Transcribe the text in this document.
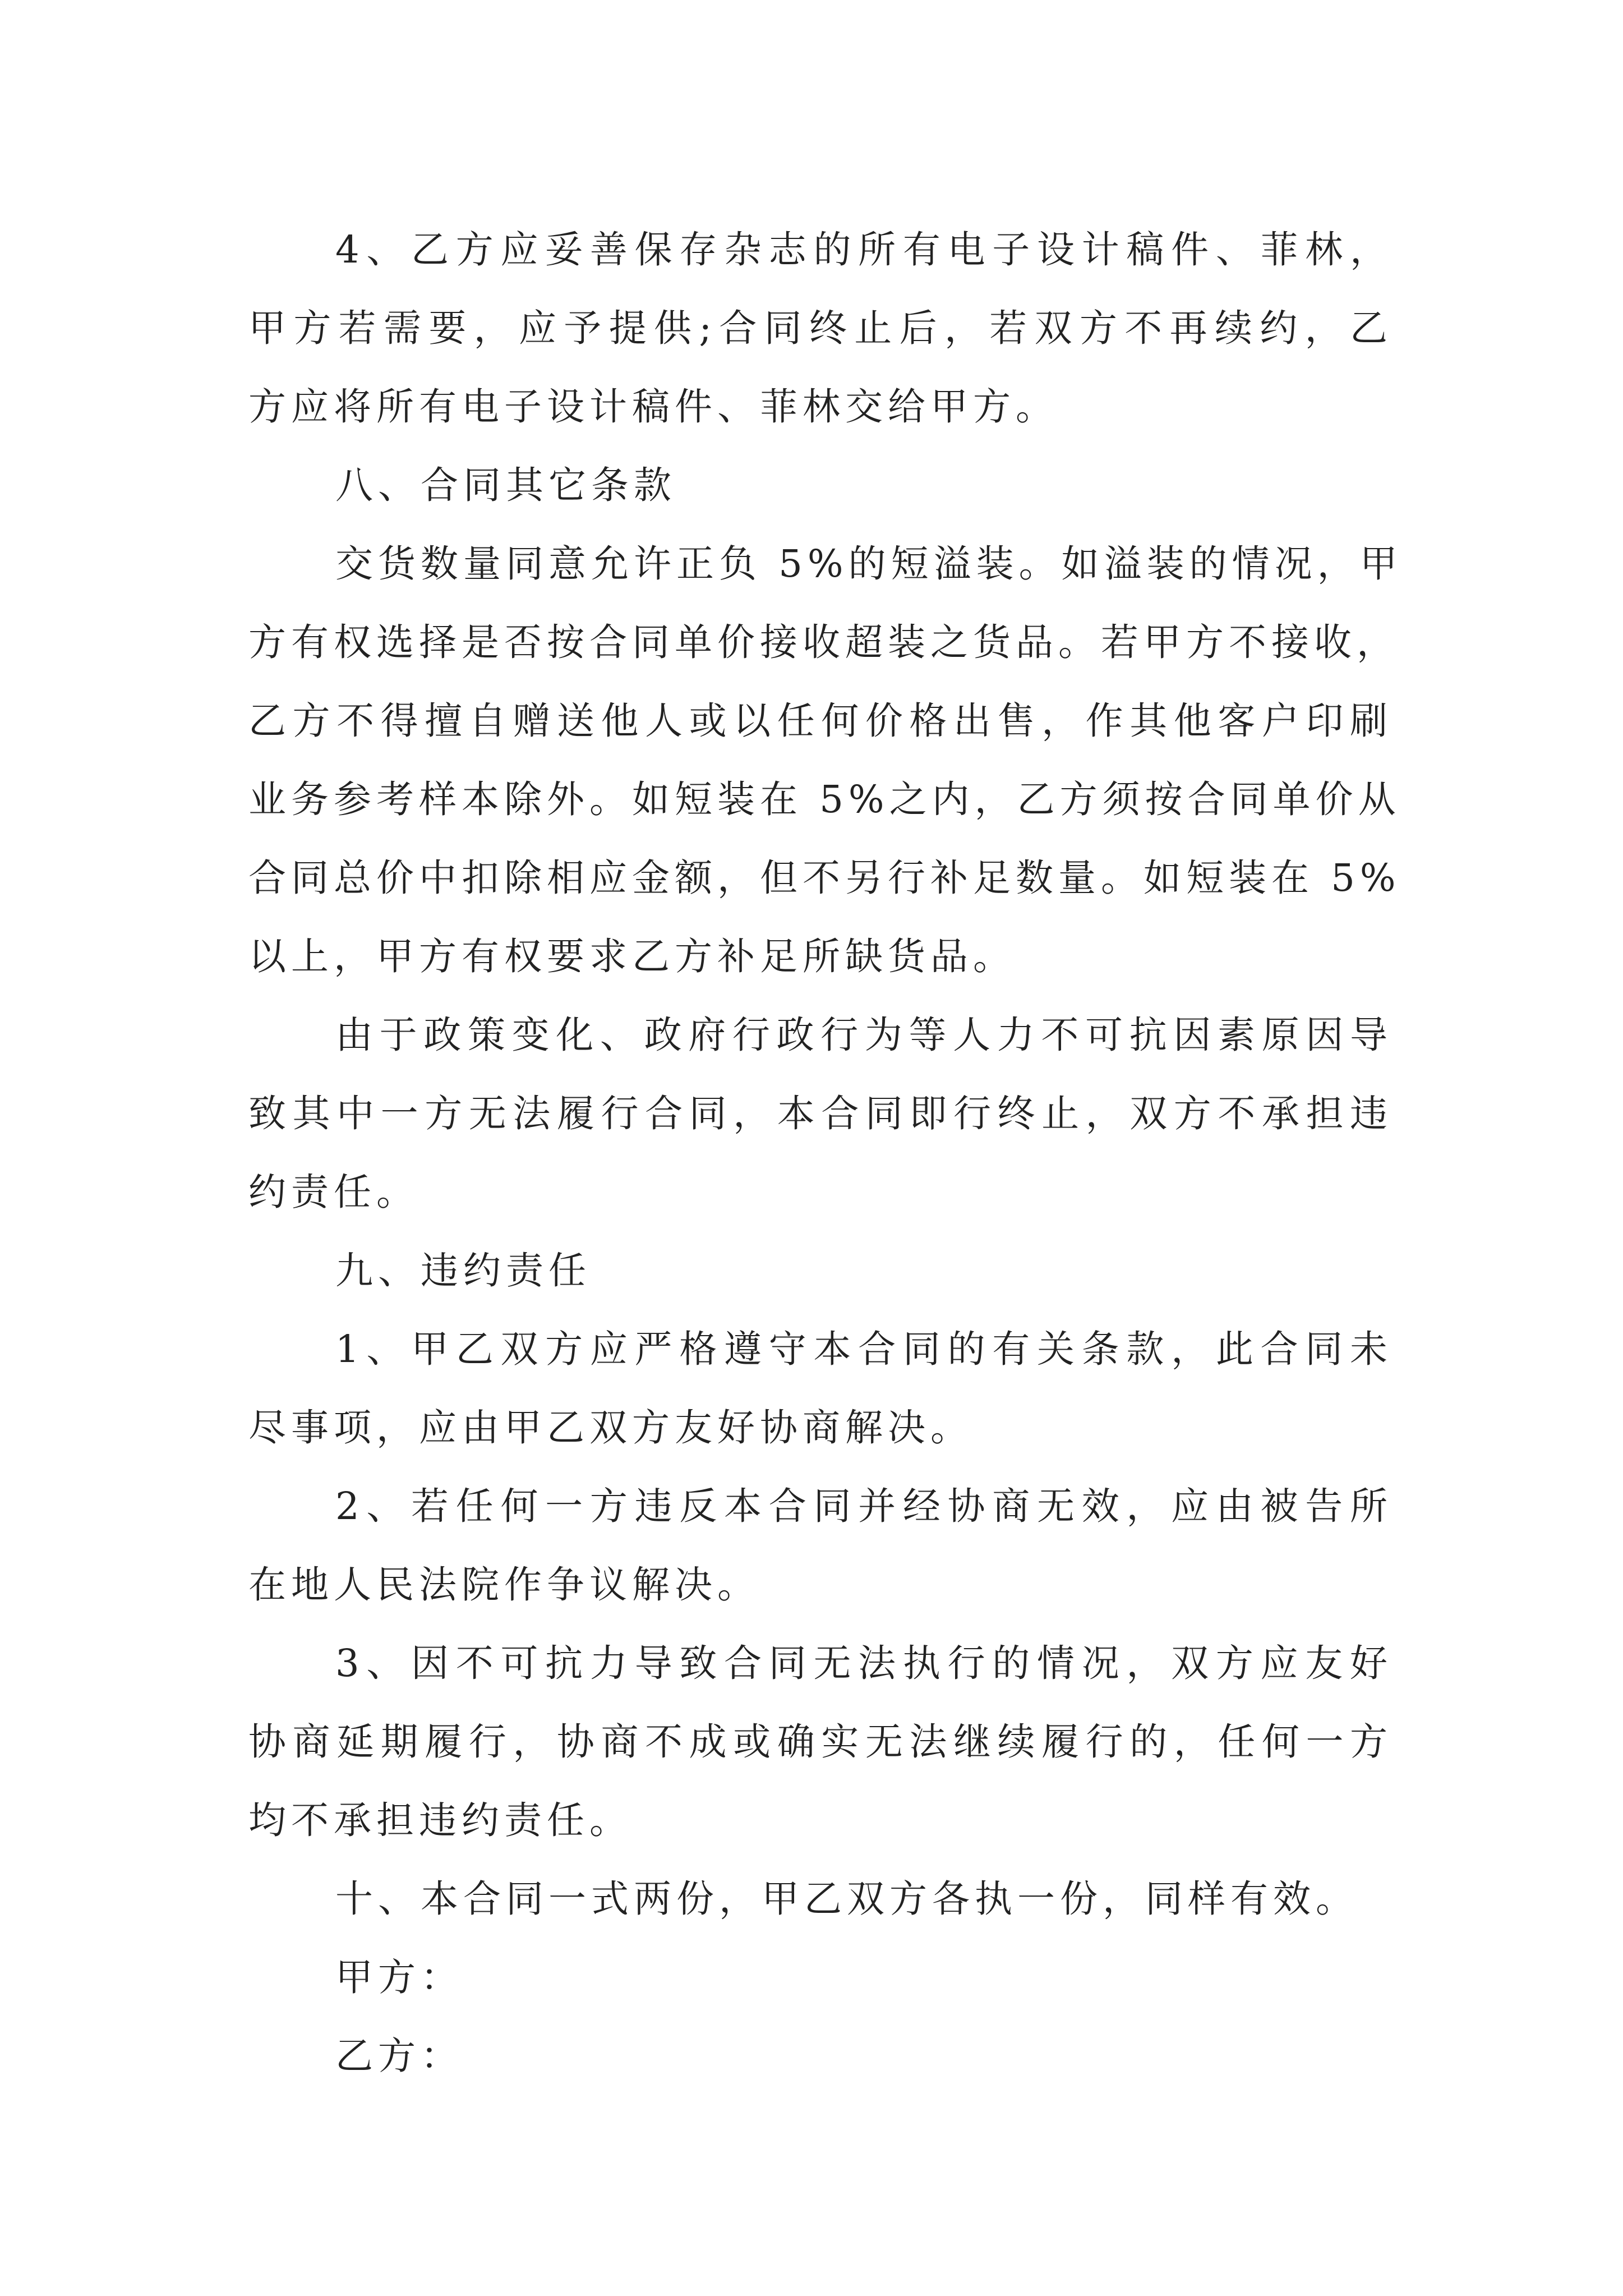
4、乙方应妥善保存杂志的所有电子设计稿件、菲林，
甲方若需要，应予提供;合同终止后，若双方不再续约，乙
方应将所有电子设计稿件、菲林交给甲方。
八、合同其它条款
交货数量同意允许正负 5%的短溢装。如溢装的情况，甲
方有权选择是否按合同单价接收超装之货品。若甲方不接收，
乙方不得擅自赠送他人或以任何价格出售，作其他客户印刷
业务参考样本除外。如短装在 5%之内，乙方须按合同单价从
合同总价中扣除相应金额，但不另行补足数量。如短装在 5%
以上，甲方有权要求乙方补足所缺货品。
由于政策变化、政府行政行为等人力不可抗因素原因导
致其中一方无法履行合同，本合同即行终止，双方不承担违
约责任。
九、违约责任
1、甲乙双方应严格遵守本合同的有关条款，此合同未
尽事项，应由甲乙双方友好协商解决。
2、若任何一方违反本合同并经协商无效，应由被告所
在地人民法院作争议解决。
3、因不可抗力导致合同无法执行的情况，双方应友好
协商延期履行，协商不成或确实无法继续履行的，任何一方
均不承担违约责任。
十、本合同一式两份，甲乙双方各执一份，同样有效。
甲方：
乙方：
